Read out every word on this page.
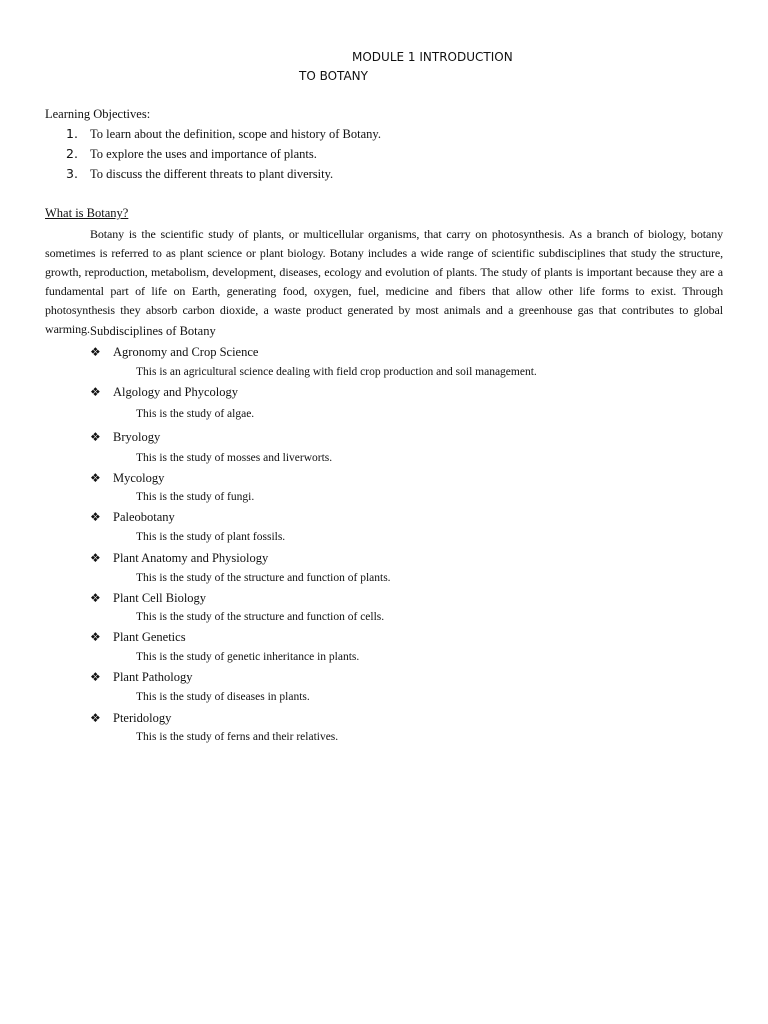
MODULE 1 INTRODUCTION
TO BOTANY
Learning Objectives:
1. To learn about the definition, scope and history of Botany.
2. To explore the uses and importance of plants.
3. To discuss the different threats to plant diversity.
What is Botany?

Botany is the scientific study of plants, or multicellular organisms, that carry on photosynthesis. As a branch of biology, botany sometimes is referred to as plant science or plant biology. Botany includes a wide range of scientific subdisciplines that study the structure, growth, reproduction, metabolism, development, diseases, ecology and evolution of plants. The study of plants is important because they are a fundamental part of life on Earth, generating food, oxygen, fuel, medicine and fibers that allow other life forms to exist. Through photosynthesis they absorb carbon dioxide, a waste product generated by most animals and a greenhouse gas that contributes to global warming. Subdisciplines of Botany
❖ Agronomy and Crop Science
This is an agricultural science dealing with field crop production and soil management.
❖ Algology and Phycology
This is the study of algae.
❖ Bryology
This is the study of mosses and liverworts.
❖ Mycology
This is the study of fungi.
❖ Paleobotany
This is the study of plant fossils.
❖ Plant Anatomy and Physiology
This is the study of the structure and function of plants.
❖ Plant Cell Biology
This is the study of the structure and function of cells.
❖ Plant Genetics
This is the study of genetic inheritance in plants.
❖ Plant Pathology
This is the study of diseases in plants.
❖ Pteridology
This is the study of ferns and their relatives.
